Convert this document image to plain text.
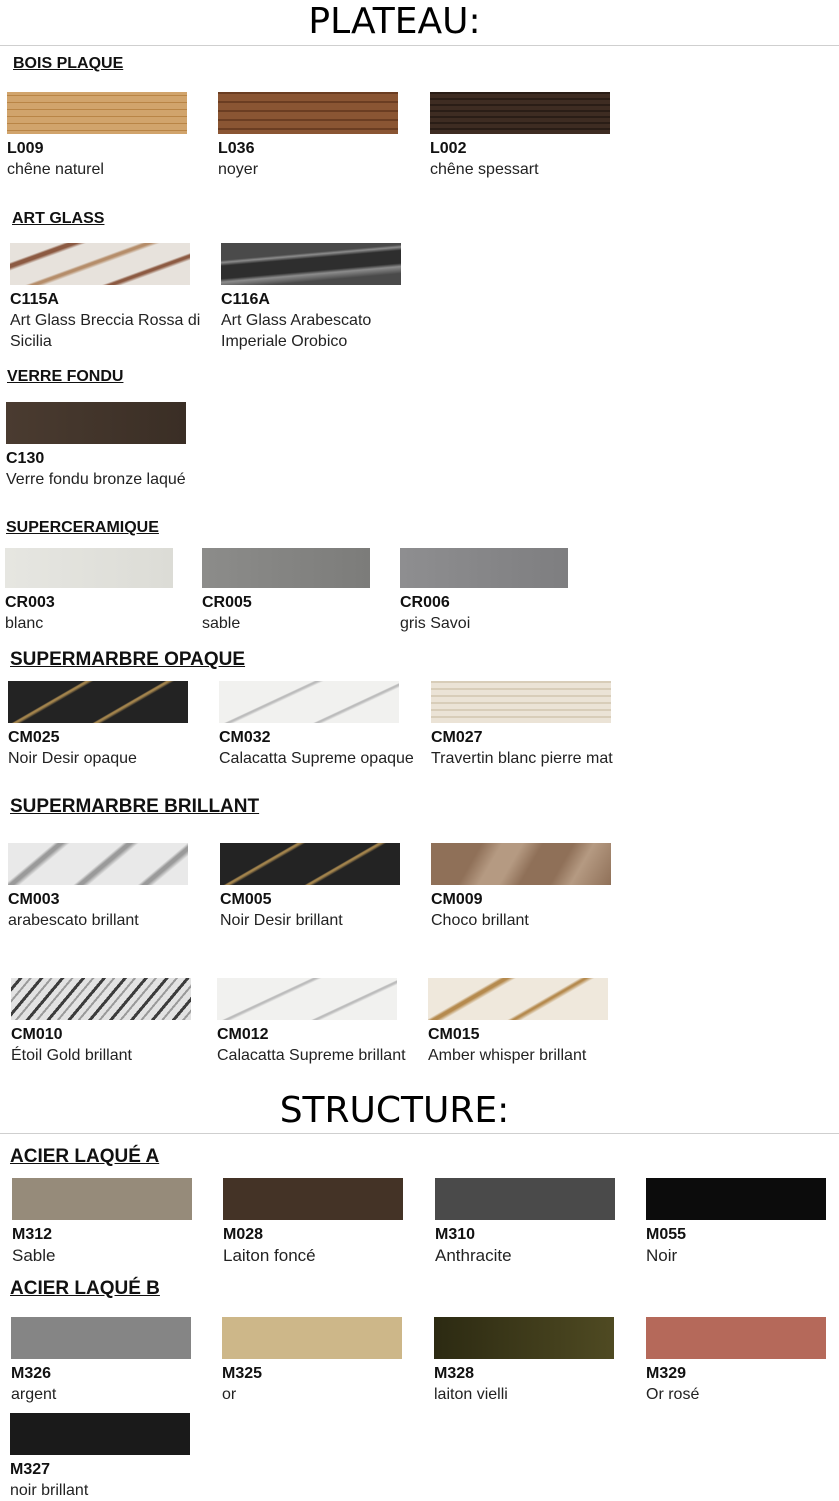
PLATEAU:
BOIS PLAQUE
L009
chêne naturel
L036
noyer
L002
chêne spessart
ART GLASS
C115A
Art Glass Breccia Rossa di Sicilia
C116A
Art Glass Arabescato Imperiale Orobico
VERRE FONDU
C130
Verre fondu bronze laqué
SUPERCERAMIQUE
CR003
blanc
CR005
sable
CR006
gris Savoi
SUPERMARBRE OPAQUE
CM025
Noir Desir opaque
CM032
Calacatta Supreme opaque
CM027
Travertin blanc pierre mat
SUPERMARBRE BRILLANT
CM003
arabescato brillant
CM005
Noir Desir brillant
CM009
Choco brillant
CM010
Étoil Gold brillant
CM012
Calacatta Supreme brillant
CM015
Amber whisper brillant
STRUCTURE:
ACIER LAQUÉ A
M312
Sable
M028
Laiton foncé
M310
Anthracite
M055
Noir
ACIER LAQUÉ B
M326
argent
M325
or
M328
laiton vielli
M329
Or rosé
M327
noir brillant
